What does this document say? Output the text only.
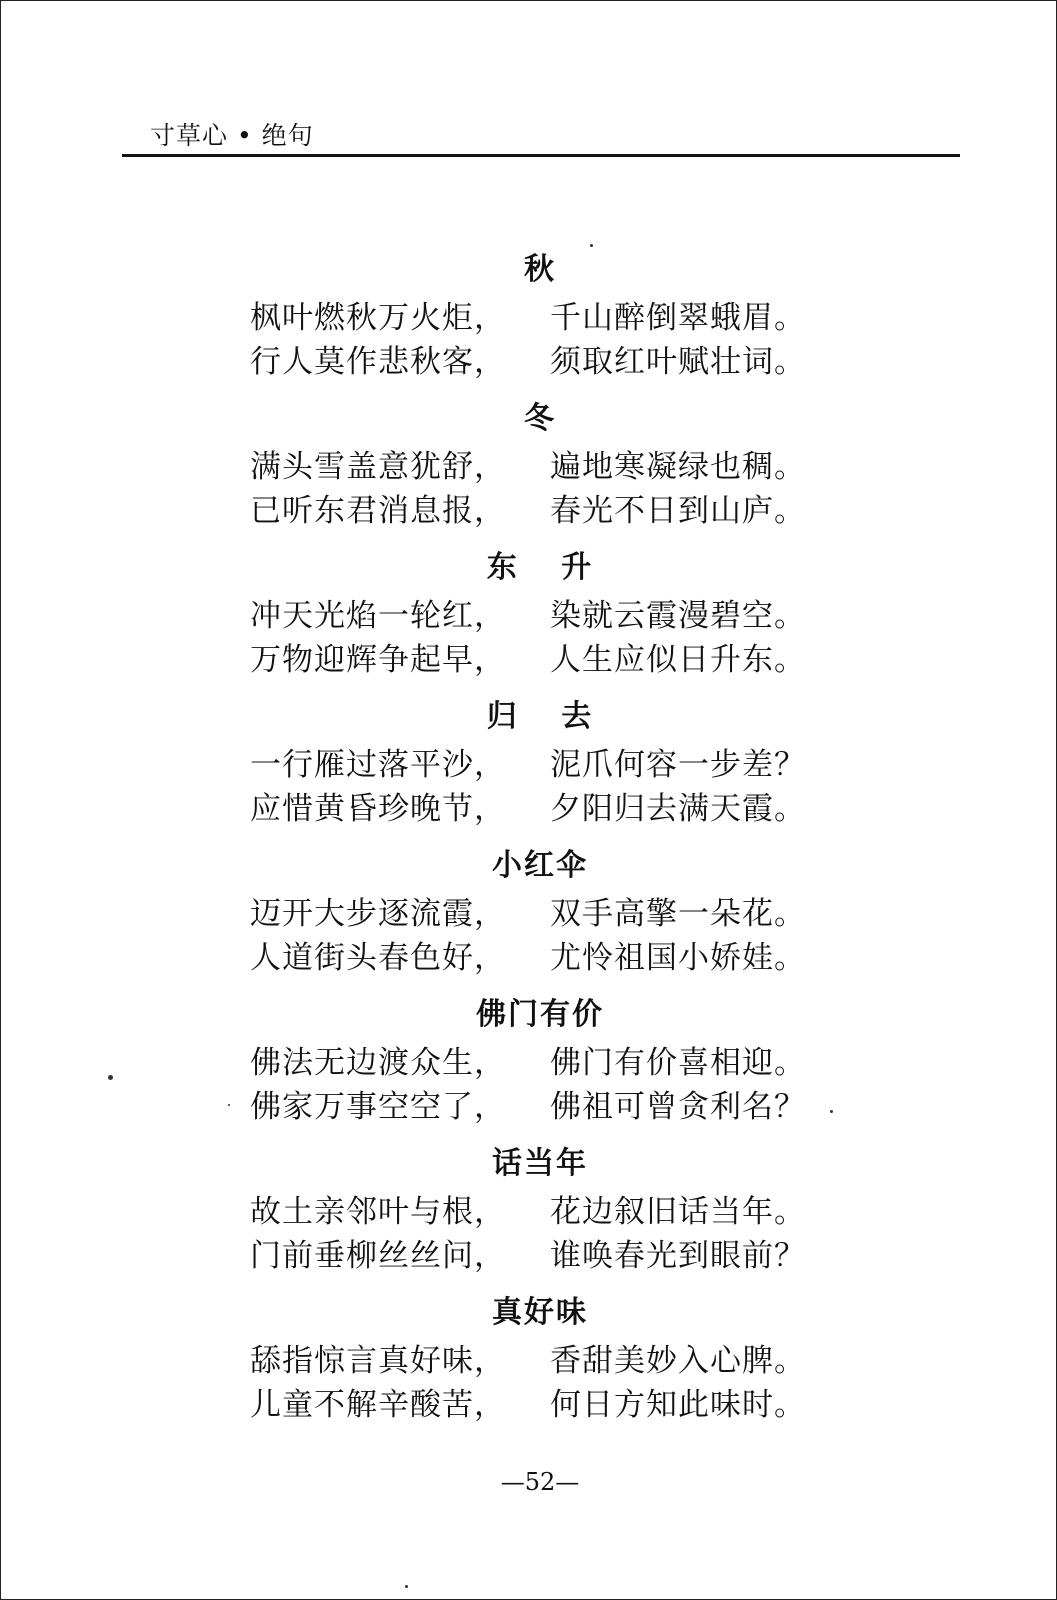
寸草心 • 绝句
秋
枫叶燃秋万火炬， 千山醉倒翠蛾眉。
行人莫作悲秋客， 须取红叶赋壮词。
冬
满头雪盖意犹舒， 遍地寒凝绿也稠。
已听东君消息报， 春光不日到山庐。
东 升
冲天光焰一轮红， 染就云霞漫碧空。
万物迎辉争起早， 人生应似日升东。
归 去
一行雁过落平沙， 泥爪何容一步差？
应惜黄昏珍晚节， 夕阳归去满天霞。
小红伞
迈开大步逐流霞， 双手高擎一朵花。
人道街头春色好， 尤怜祖国小娇娃。
佛门有价
佛法无边渡众生， 佛门有价喜相迎。
佛家万事空空了， 佛祖可曾贪利名？
话当年
故土亲邻叶与根， 花边叙旧话当年。
门前垂柳丝丝问， 谁唤春光到眼前？
真好味
舔指惊言真好味， 香甜美妙入心脾。
儿童不解辛酸苦， 何日方知此味时。
—52—
